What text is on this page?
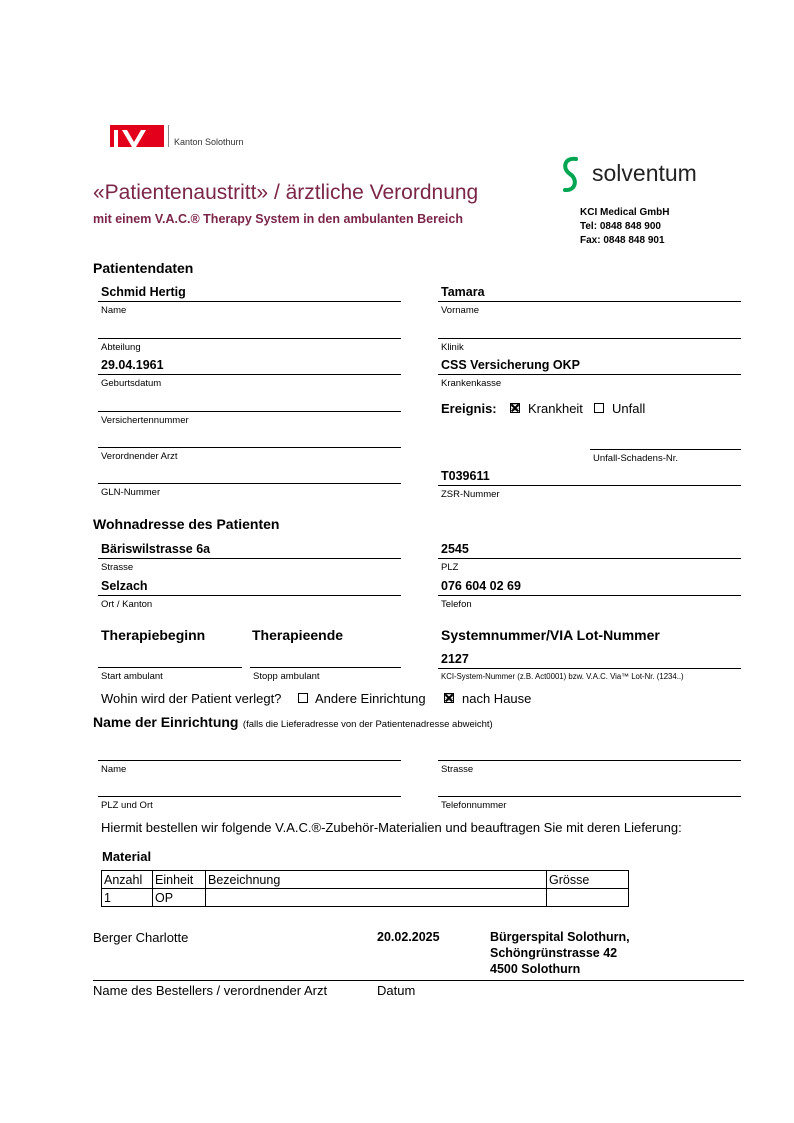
Kanton Solothurn
«Patientenaustritt» / ärztliche Verordnung
mit einem V.A.C.® Therapy System in den ambulanten Bereich
solventum
KCI Medical GmbH
Tel: 0848 848 900
Fax: 0848 848 901
Patientendaten
Schmid Hertig
Name
Tamara
Vorname
Abteilung	Klinik
29.04.1961
Geburtsdatum
CSS Versicherung OKP
Krankenkasse
Versichertennummer
Ereignis: Krankheit Unfall
Verordnender Arzt	Unfall-Schadens-Nr.
GLN-Nummer
T039611
ZSR-Nummer
Wohnadresse des Patienten
Bäriswilstrasse 6a
Strasse
2545
PLZ
Selzach
Ort / Kanton
076 604 02 69
Telefon
Therapiebeginn	Therapieende	Systemnummer/VIA Lot-Nummer
Start ambulant	Stopp ambulant
2127
KCI-System-Nummer (z.B. Act0001) bzw. V.A.C. Via™ Lot-Nr. (1234..)
Wohin wird der Patient verlegt?	Andere Einrichtung	nach Hause
Name der Einrichtung (falls die Lieferadresse von der Patientenadresse abweicht)
Name	Strasse
PLZ und Ort	Telefonnummer
Hiermit bestellen wir folgende V.A.C.®-Zubehör-Materialien und beauftragen Sie mit deren Lieferung:
Material
Anzahl	Einheit	Bezeichnung	Grösse
1	OP		
Berger Charlotte	20.02.2025	Bürgerspital Solothurn,
Schöngrünstrasse 42
4500 Solothurn
Name des Bestellers / verordnender Arzt	Datum
